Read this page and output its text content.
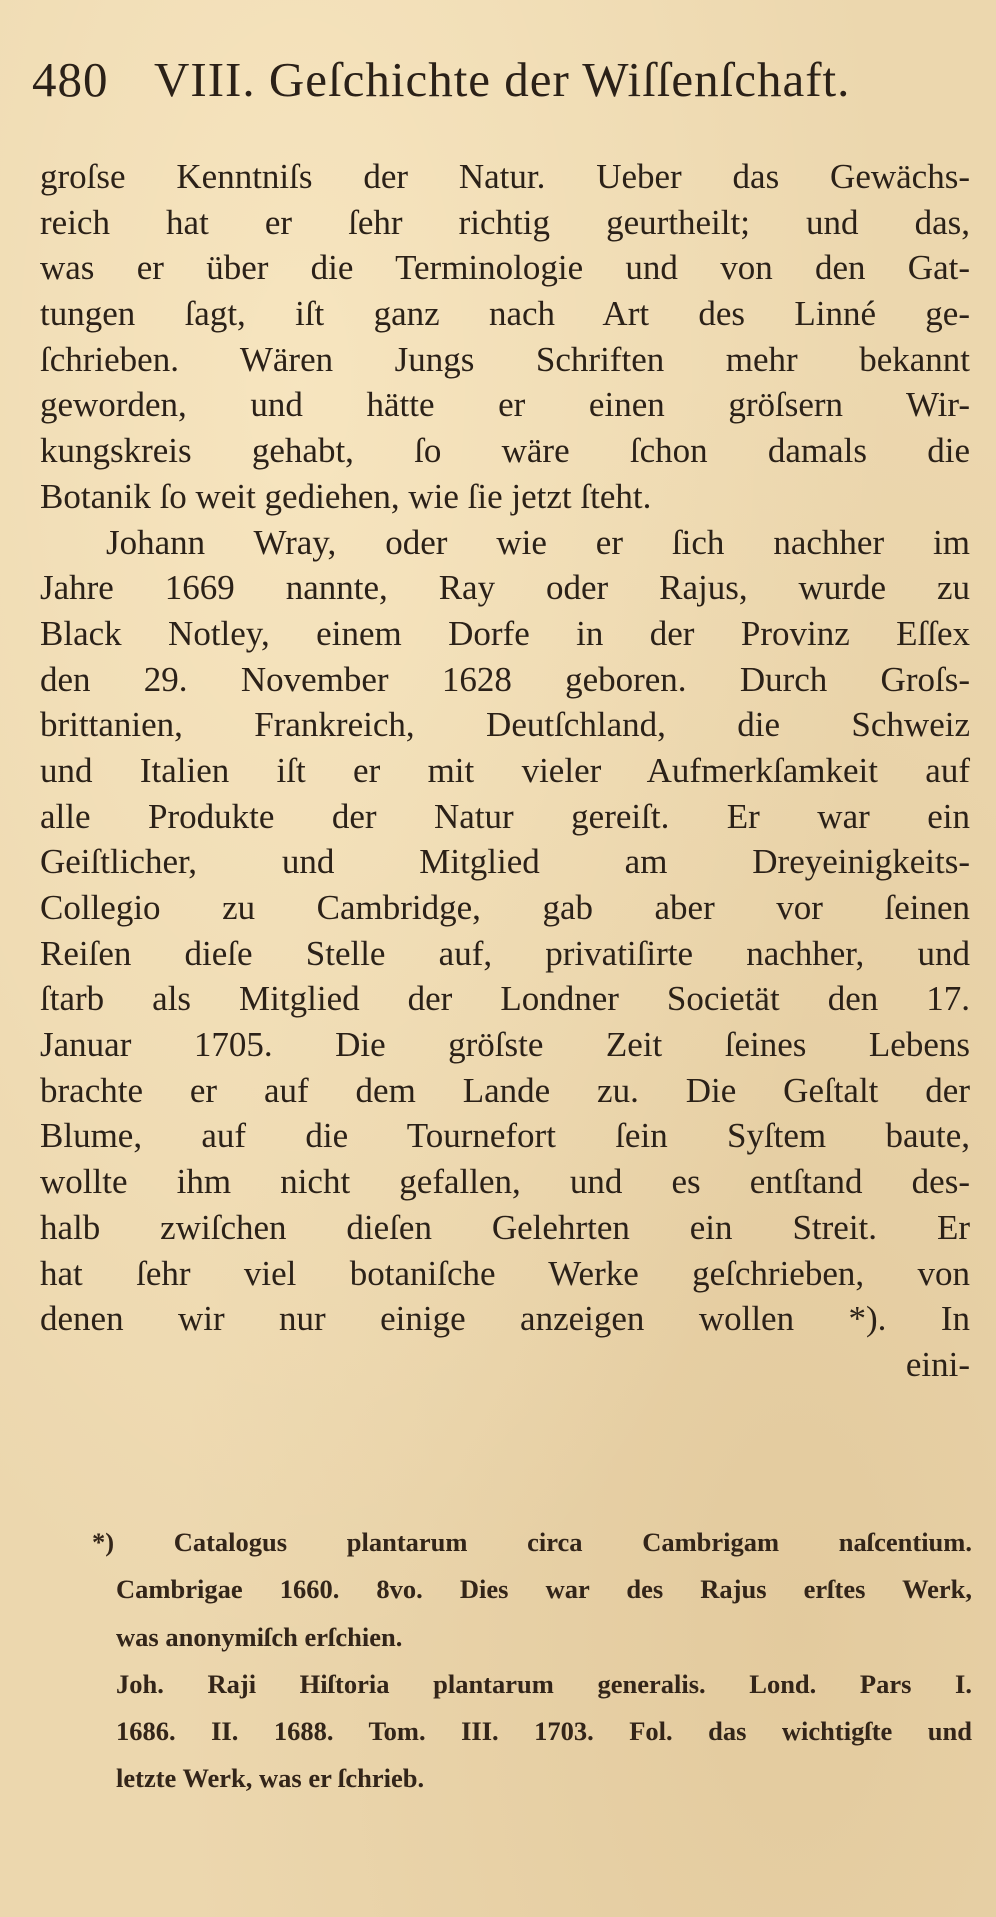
480 VIII. Geſchichte der Wiſſenſchaft.
groſse Kenntniſs der Natur. Ueber das Gewächs-
reich hat er ſehr richtig geurtheilt; und das,
was er über die Terminologie und von den Gat-
tungen ſagt, iſt ganz nach Art des Linné ge-
ſchrieben. Wären Jungs Schriften mehr bekannt
geworden, und hätte er einen gröſsern Wir-
kungskreis gehabt, ſo wäre ſchon damals die
Botanik ſo weit gediehen, wie ſie jetzt ſteht.
Johann Wray, oder wie er ſich nachher im
Jahre 1669 nannte, Ray oder Rajus, wurde zu
Black Notley, einem Dorfe in der Provinz Eſſex
den 29. November 1628 geboren. Durch Groſs-
brittanien, Frankreich, Deutſchland, die Schweiz
und Italien iſt er mit vieler Aufmerkſamkeit auf
alle Produkte der Natur gereiſt. Er war ein
Geiſtlicher, und Mitglied am Dreyeinigkeits-
Collegio zu Cambridge, gab aber vor ſeinen
Reiſen dieſe Stelle auf, privatiſirte nachher, und
ſtarb als Mitglied der Londner Societät den 17.
Januar 1705. Die gröſste Zeit ſeines Lebens
brachte er auf dem Lande zu. Die Geſtalt der
Blume, auf die Tournefort ſein Syſtem baute,
wollte ihm nicht gefallen, und es entſtand des-
halb zwiſchen dieſen Gelehrten ein Streit. Er
hat ſehr viel botaniſche Werke geſchrieben, von
denen wir nur einige anzeigen wollen *). In
eini-
*) Catalogus plantarum circa Cambrigam naſcentium.
Cambrigae 1660. 8vo. Dies war des Rajus erſtes Werk,
was anonymiſch erſchien.
Joh. Raji Hiſtoria plantarum generalis. Lond. Pars I.
1686. II. 1688. Tom. III. 1703. Fol. das wichtigſte und
letzte Werk, was er ſchrieb.
